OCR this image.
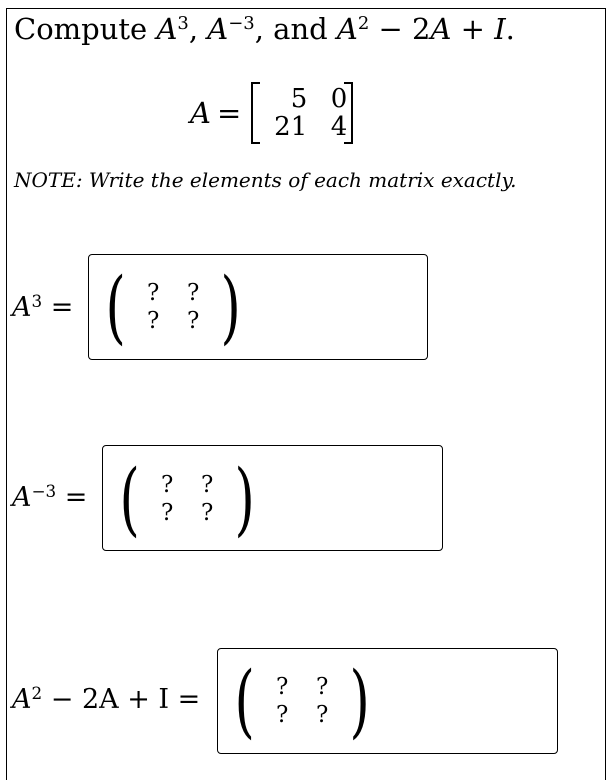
Compute $A^3$, $A^{-3}$, and $A^2 - 2A + I$.
A =	5 0
21 4
NOTE: Write the elements of each matrix exactly.
$A^3$ = ( ?	?
?	? )
$A^{-3}$ = ( ?	?
?	? )
$A^2 - 2A + I$ = ( ?	?
?	? )
